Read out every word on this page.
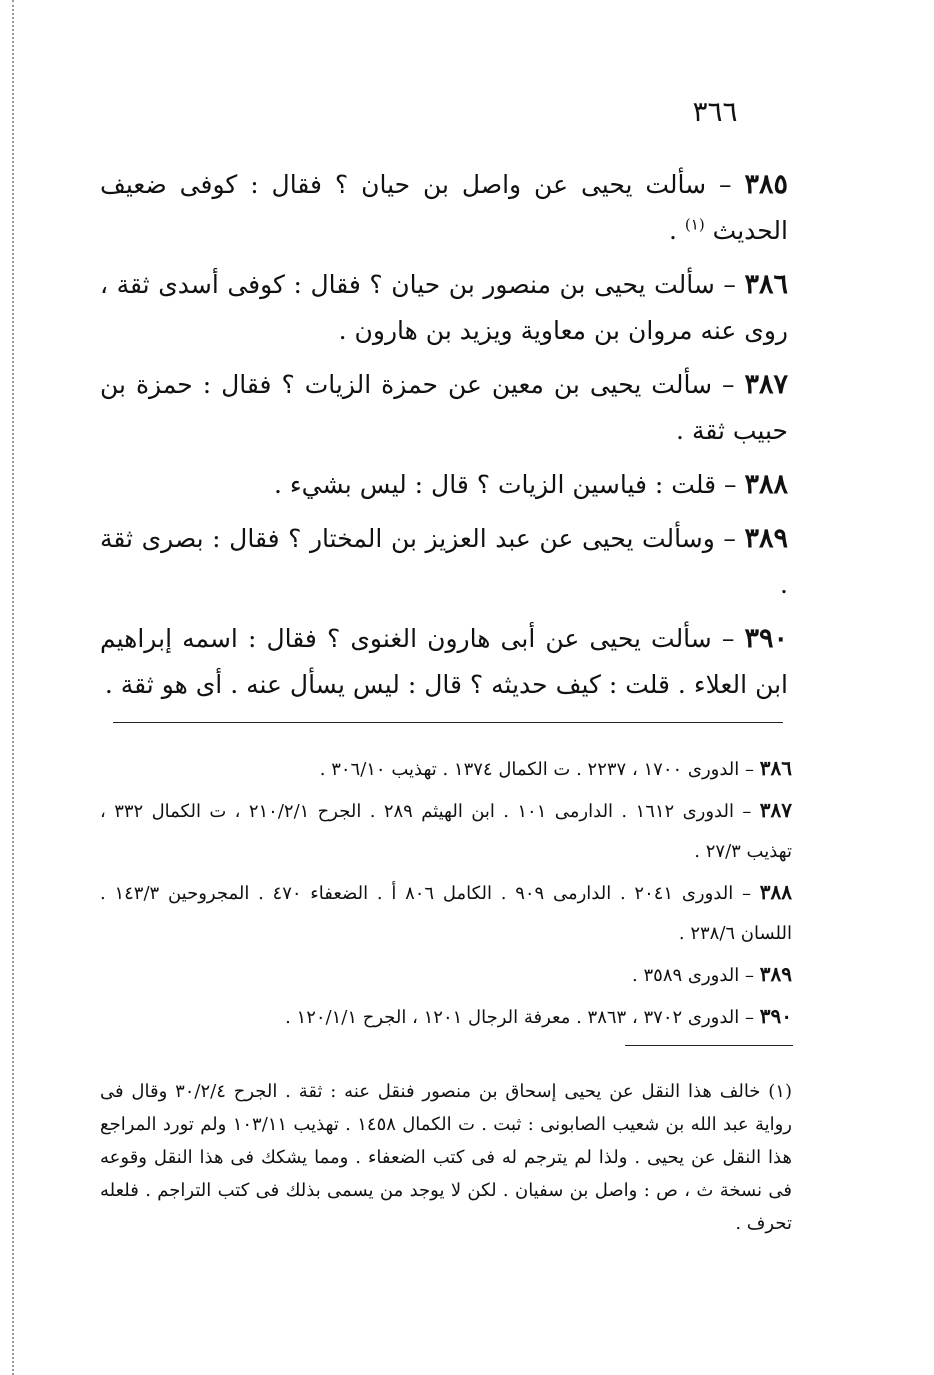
٣٦٦

٣٨٥ – سألت يحيى عن واصل بن حيان ؟ فقال : كوفى ضعيف الحديث $^{(١)}$ .

٣٨٦ – سألت يحيى بن منصور بن حيان ؟ فقال : كوفى أسدى ثقة ، روى عنه مروان بن معاوية ويزيد بن هارون .

٣٨٧ – سألت يحيى بن معين عن حمزة الزيات ؟ فقال : حمزة بن حبيب ثقة .

٣٨٨ – قلت : فياسين الزيات ؟ قال : ليس بشيء .

٣٨٩ – وسألت يحيى عن عبد العزيز بن المختار ؟ فقال : بصرى ثقة .

٣٩٠ – سألت يحيى عن أبى هارون الغنوى ؟ فقال : اسمه إبراهيم ابن العلاء . قلت : كيف حديثه ؟ قال : ليس يسأل عنه . أى هو ثقة .

٣٨٦ – الدورى ١٧٠٠ ، ٢٢٣٧ . ت الكمال ١٣٧٤ . تهذيب ٣٠٦/١٠ .

٣٨٧ – الدورى ١٦١٢ . الدارمى ١٠١ . ابن الهيثم ٢٨٩ . الجرح ٢١٠/٢/١ ، ت الكمال ٣٣٢ ، تهذيب ٢٧/٣ .

٣٨٨ – الدورى ٢٠٤١ . الدارمى ٩٠٩ . الكامل ٨٠٦ أ . الضعفاء ٤٧٠ . المجروحين ١٤٣/٣ . اللسان ٢٣٨/٦ .

٣٨٩ – الدورى ٣٥٨٩ .

٣٩٠ – الدورى ٣٧٠٢ ، ٣٨٦٣ . معرفة الرجال ١٢٠١ ، الجرح ١٢٠/١/١ .

(١) خالف هذا النقل عن يحيى إسحاق بن منصور فنقل عنه : ثقة . الجرح ٣٠/٢/٤ وقال فى رواية عبد الله بن شعيب الصابونى : ثبت . ت الكمال ١٤٥٨ . تهذيب ١٠٣/١١ ولم تورد المراجع هذا النقل عن يحيى . ولذا لم يترجم له فى كتب الضعفاء . ومما يشكك فى هذا النقل وقوعه فى نسخة ث ، ص : واصل بن سفيان . لكن لا يوجد من يسمى بذلك فى كتب التراجم . فلعله تحرف .
